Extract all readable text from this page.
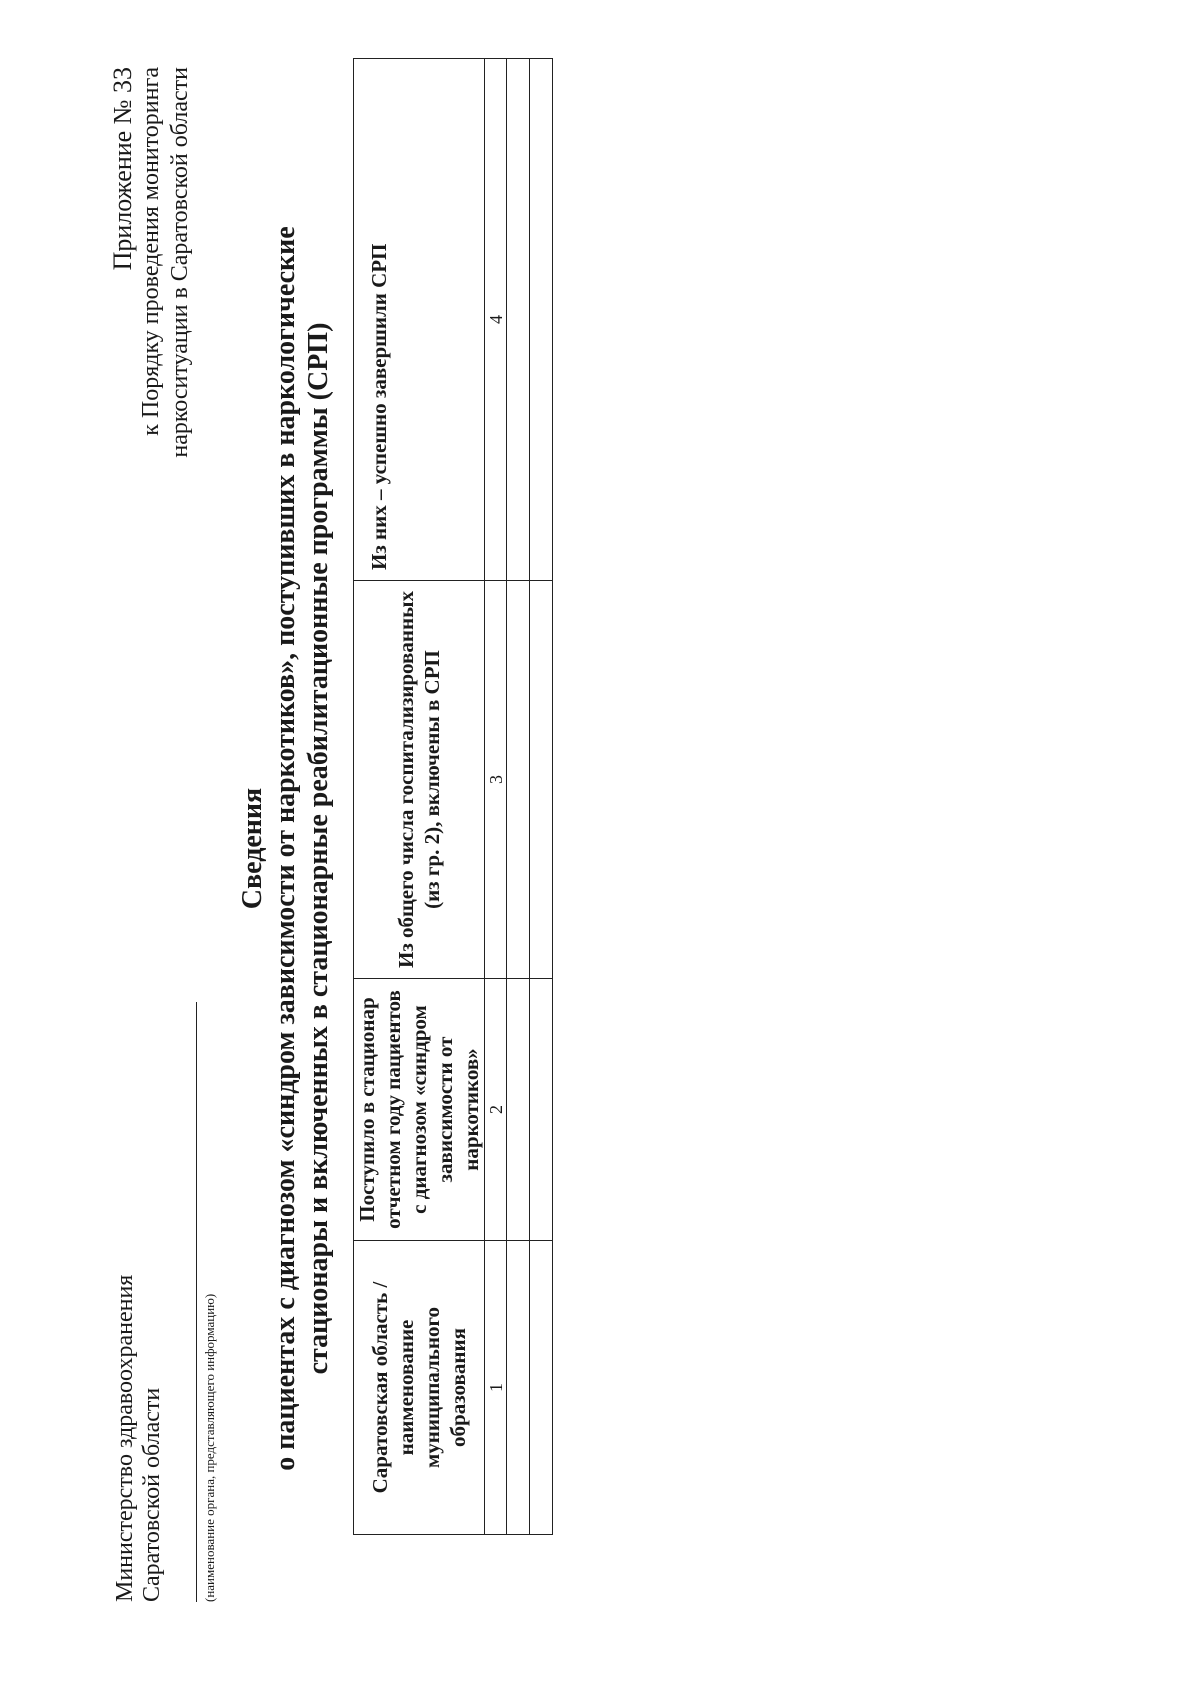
Министерство здравоохранения Саратовской области	(наименование органа, представляющего информацию)
Приложение № 33 к Порядку проведения мониторинга наркоситуации в Саратовской области
Сведения о пациентах с диагнозом «синдром зависимости от наркотиков», поступивших в наркологические стационары и включенных в стационарные реабилитационные программы (СРП)
Саратовская область / наименование муниципального образования	Поступило в стационар отчетном году пациентов с диагнозом «синдром зависимости от наркотиков»	Из общего числа госпитализированных (из гр. 2), включены в СРП	Из них – успешно завершили СРП
1	2	3	4
